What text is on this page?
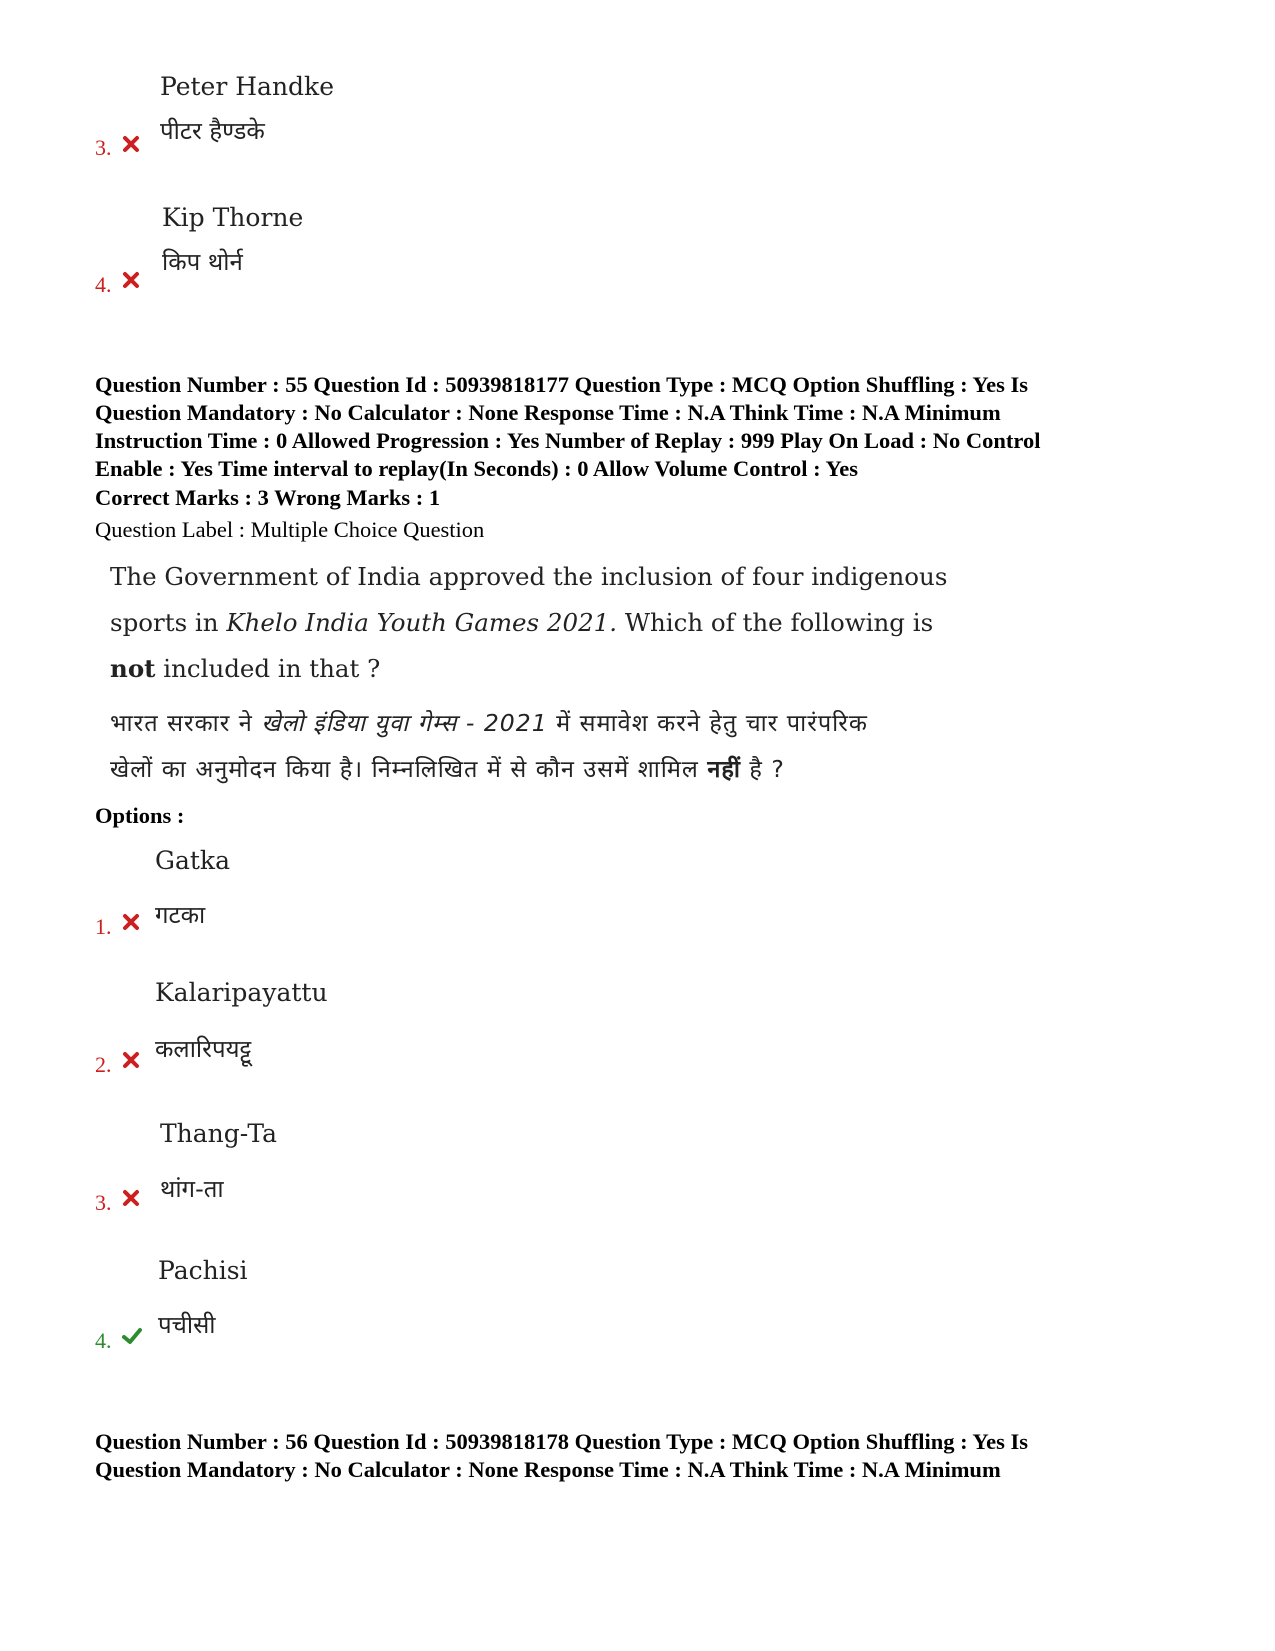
Peter Handke
पीटर हैण्डके
3.
Kip Thorne
किप थोर्न
4.
Question Number : 55 Question Id : 50939818177 Question Type : MCQ Option Shuffling : Yes Is
Question Mandatory : No Calculator : None Response Time : N.A Think Time : N.A Minimum
Instruction Time : 0 Allowed Progression : Yes Number of Replay : 999 Play On Load : No Control
Enable : Yes Time interval to replay(In Seconds) : 0 Allow Volume Control : Yes
Correct Marks : 3 Wrong Marks : 1
Question Label : Multiple Choice Question
The Government of India approved the inclusion of four indigenous
sports in Khelo India Youth Games 2021. Which of the following is
not included in that ?
भारत सरकार ने खेलो इंडिया युवा गेम्स - 2021 में समावेश करने हेतु चार पारंपरिक
खेलों का अनुमोदन किया है। निम्नलिखित में से कौन उसमें शामिल नहीं है ?
Options :
Gatka
गटका
1.
Kalaripayattu
कलारिपयट्टू
2.
Thang-Ta
थांग-ता
3.
Pachisi
पचीसी
4.
Question Number : 56 Question Id : 50939818178 Question Type : MCQ Option Shuffling : Yes Is
Question Mandatory : No Calculator : None Response Time : N.A Think Time : N.A Minimum
